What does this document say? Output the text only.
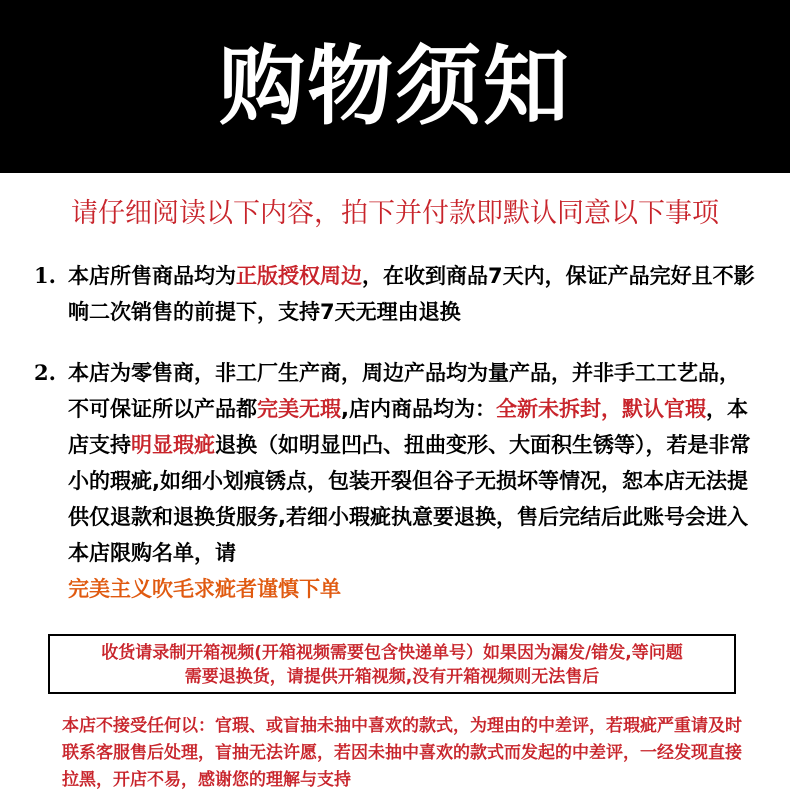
购物须知
请仔细阅读以下内容，拍下并付款即默认同意以下事项
1. 本店所售商品均为正版授权周边，在收到商品7天内，保证产品完好且不影响二次销售的前提下，支持7天无理由退换
2. 本店为零售商，非工厂生产商，周边产品均为量产品，并非手工工艺品，不可保证所以产品都完美无瑕,店内商品均为：全新未拆封，默认官瑕，本店支持明显瑕疵退换（如明显凹凸、扭曲变形、大面积生锈等），若是非常小的瑕疵,如细小划痕锈点，包装开裂但谷子无损坏等情况，恕本店无法提供仅退款和退换货服务,若细小瑕疵执意要退换，售后完结后此账号会进入本店限购名单，请
完美主义吹毛求疵者谨慎下单
收货请录制开箱视频(开箱视频需要包含快递单号）如果因为漏发/错发,等问题
需要退换货，请提供开箱视频,没有开箱视频则无法售后
本店不接受任何以：官瑕、或盲抽未抽中喜欢的款式，为理由的中差评，若瑕疵严重请及时联系客服售后处理，盲抽无法许愿，若因未抽中喜欢的款式而发起的中差评，一经发现直接拉黑，开店不易，感谢您的理解与支持
